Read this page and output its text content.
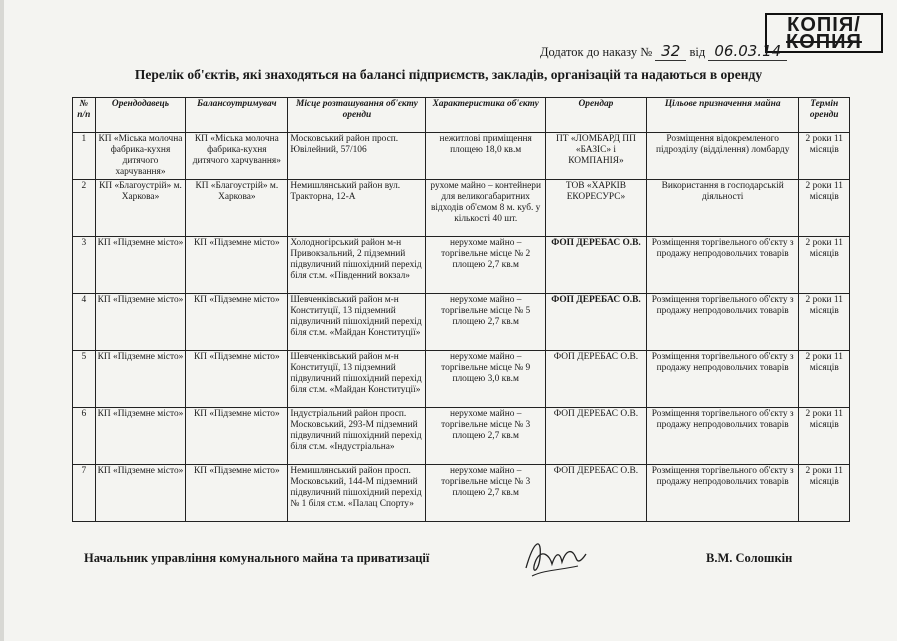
КОПІЯ/
КОПИЯ
Додаток до наказу № 32 від 06.03.14
Перелік об'єктів, які знаходяться на балансі підприємств, закладів, організацій та надаються в оренду
№ п/п	Орендодавець	Балансоутримувач	Місце розташування об'єкту оренди	Характеристика об'єкту	Орендар	Цільове призначення майна	Термін оренди
1	КП «Міська молочна фабрика-кухня дитячого харчування»	КП «Міська молочна фабрика-кухня дитячого харчування»	Московський район просп. Ювілейний, 57/106	нежитлові приміщення площею 18,0 кв.м	ПТ «ЛОМБАРД ПП «БАЗІС» і КОМПАНІЯ»	Розміщення відокремленого підрозділу (відділення) ломбарду	2 роки 11 місяців
2	КП «Благоустрій» м. Харкова»	КП «Благоустрій» м. Харкова»	Немишлянський район вул. Тракторна, 12-А	рухоме майно – контейнери для великогабаритних відходів об'ємом 8 м. куб. у кількості 40 шт.	ТОВ «ХАРКІВ ЕКОРЕСУРС»	Використання в господарській діяльності	2 роки 11 місяців
3	КП «Підземне місто»	КП «Підземне місто»	Холодногірський район м-н Привокзальний, 2 підземний підвуличний пішохідний перехід біля ст.м. «Південний вокзал»	нерухоме майно – торгівельне місце № 2 площею 2,7 кв.м	ФОП ДЕРЕБАС О.В.	Розміщення торгівельного об'єкту з продажу непродовольчих товарів	2 роки 11 місяців
4	КП «Підземне місто»	КП «Підземне місто»	Шевченківський район м-н Конституції, 13 підземний підвуличний пішохідний перехід біля ст.м. «Майдан Конституції»	нерухоме майно – торгівельне місце № 5 площею 2,7 кв.м	ФОП ДЕРЕБАС О.В.	Розміщення торгівельного об'єкту з продажу непродовольчих товарів	2 роки 11 місяців
5	КП «Підземне місто»	КП «Підземне місто»	Шевченківський район м-н Конституції, 13 підземний підвуличний пішохідний перехід біля ст.м. «Майдан Конституції»	нерухоме майно – торгівельне місце № 9 площею 3,0 кв.м	ФОП ДЕРЕБАС О.В.	Розміщення торгівельного об'єкту з продажу непродовольчих товарів	2 роки 11 місяців
6	КП «Підземне місто»	КП «Підземне місто»	Індустріальний район просп. Московський, 293-М підземний підвуличний пішохідний перехід біля ст.м. «Індустріальна»	нерухоме майно – торгівельне місце № 3 площею 2,7 кв.м	ФОП ДЕРЕБАС О.В.	Розміщення торгівельного об'єкту з продажу непродовольчих товарів	2 роки 11 місяців
7	КП «Підземне місто»	КП «Підземне місто»	Немишлянський район просп. Московський, 144-М підземний підвуличний пішохідний перехід № 1 біля ст.м. «Палац Спорту»	нерухоме майно – торгівельне місце № 3 площею 2,7 кв.м	ФОП ДЕРЕБАС О.В.	Розміщення торгівельного об'єкту з продажу непродовольчих товарів	2 роки 11 місяців
Начальник управління комунального майна та приватизації	В.М. Солошкін
